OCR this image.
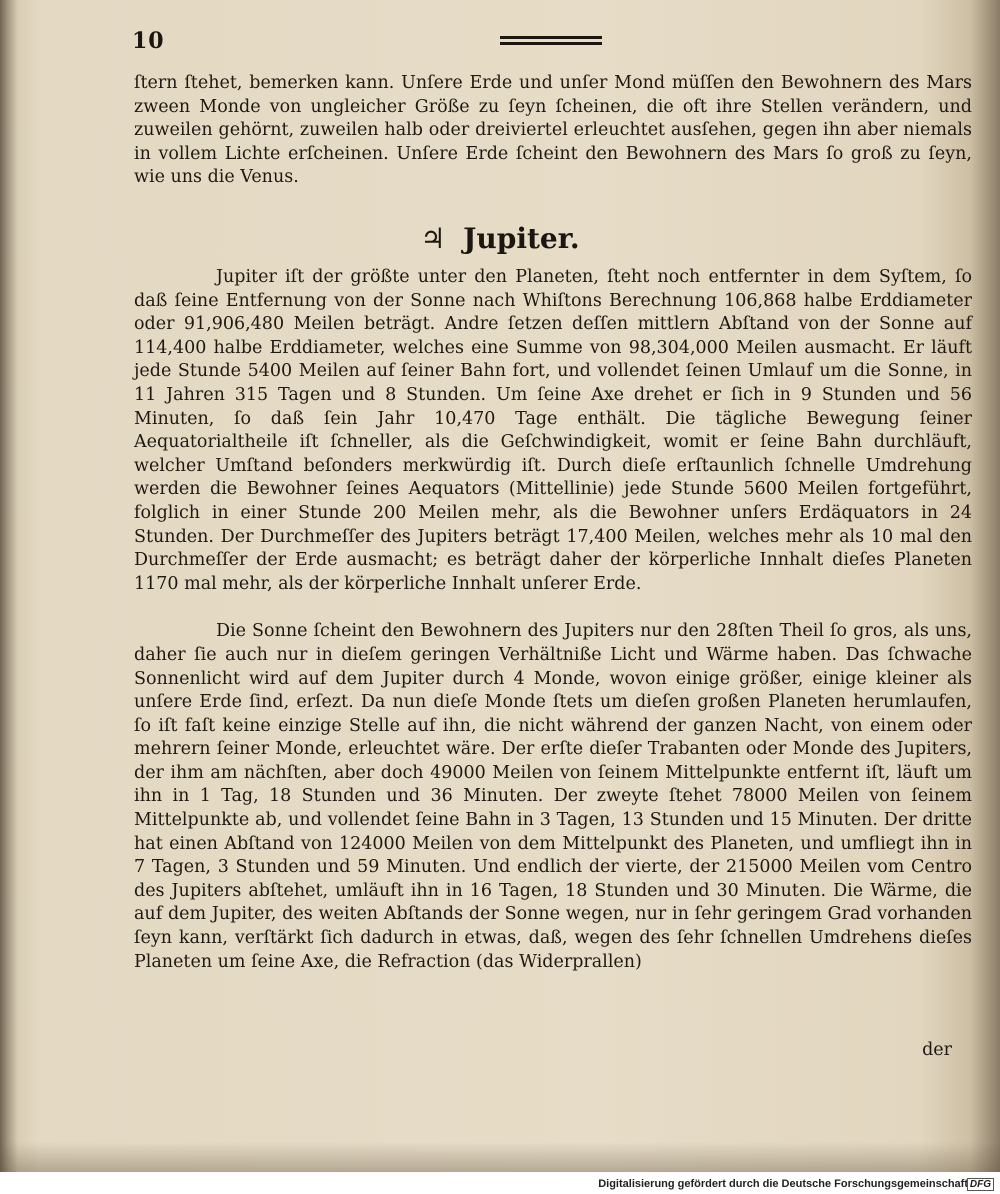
10

ſtern ſtehet, bemerken kann. Unſere Erde und unſer Mond müſſen den Bewohnern des Mars zween Monde von ungleicher Größe zu ſeyn ſcheinen, die oft ihre Stellen verändern, und zuweilen gehörnt, zuweilen halb oder dreiviertel erleuchtet ausſehen, gegen ihn aber niemals in vollem Lichte erſcheinen. Unſere Erde ſcheint den Bewohnern des Mars ſo groß zu ſeyn, wie uns die Venus.

♃ Jupiter.

Jupiter iſt der größte unter den Planeten, ſteht noch entfernter in dem Syſtem, ſo daß ſeine Entfernung von der Sonne nach Whiſtons Berechnung 106,868 halbe Erddiameter oder 91,906,480 Meilen beträgt. Andre ſetzen deſſen mittlern Abſtand von der Sonne auf 114,400 halbe Erddiameter, welches eine Summe von 98,304,000 Meilen ausmacht. Er läuft jede Stunde 5400 Meilen auf ſeiner Bahn fort, und vollendet ſeinen Umlauf um die Sonne, in 11 Jahren 315 Tagen und 8 Stunden. Um ſeine Axe drehet er ſich in 9 Stunden und 56 Minuten, ſo daß ſein Jahr 10,470 Tage enthält. Die tägliche Bewegung ſeiner Aequatorialtheile iſt ſchneller, als die Geſchwindigkeit, womit er ſeine Bahn durchläuft, welcher Umſtand beſonders merkwürdig iſt. Durch dieſe erſtaunlich ſchnelle Umdrehung werden die Bewohner ſeines Aequators (Mittellinie) jede Stunde 5600 Meilen fortgeführt, folglich in einer Stunde 200 Meilen mehr, als die Bewohner unſers Erdäquators in 24 Stunden. Der Durchmeſſer des Jupiters beträgt 17,400 Meilen, welches mehr als 10 mal den Durchmeſſer der Erde ausmacht; es beträgt daher der körperliche Innhalt dieſes Planeten 1170 mal mehr, als der körperliche Innhalt unſerer Erde.

Die Sonne ſcheint den Bewohnern des Jupiters nur den 28ſten Theil ſo gros, als uns, daher ſie auch nur in dieſem geringen Verhältniße Licht und Wärme haben. Das ſchwache Sonnenlicht wird auf dem Jupiter durch 4 Monde, wovon einige größer, einige kleiner als unſere Erde ſind, erſezt. Da nun dieſe Monde ſtets um dieſen großen Planeten herumlaufen, ſo iſt faſt keine einzige Stelle auf ihn, die nicht während der ganzen Nacht, von einem oder mehrern ſeiner Monde, erleuchtet wäre. Der erſte dieſer Trabanten oder Monde des Jupiters, der ihm am nächſten, aber doch 49000 Meilen von ſeinem Mittelpunkte entfernt iſt, läuft um ihn in 1 Tag, 18 Stunden und 36 Minuten. Der zweyte ſtehet 78000 Meilen von ſeinem Mittelpunkte ab, und vollendet ſeine Bahn in 3 Tagen, 13 Stunden und 15 Minuten. Der dritte hat einen Abſtand von 124000 Meilen von dem Mittelpunkt des Planeten, und umfliegt ihn in 7 Tagen, 3 Stunden und 59 Minuten. Und endlich der vierte, der 215000 Meilen vom Centro des Jupiters abſtehet, umläuft ihn in 16 Tagen, 18 Stunden und 30 Minuten. Die Wärme, die auf dem Jupiter, des weiten Abſtands der Sonne wegen, nur in ſehr geringem Grad vorhanden ſeyn kann, verſtärkt ſich dadurch in etwas, daß, wegen des ſehr ſchnellen Umdrehens dieſes Planeten um ſeine Axe, die Refraction (das Widerprallen)

der
Digitalisierung gefördert durch die Deutsche Forschungsgemeinschaft DFG
